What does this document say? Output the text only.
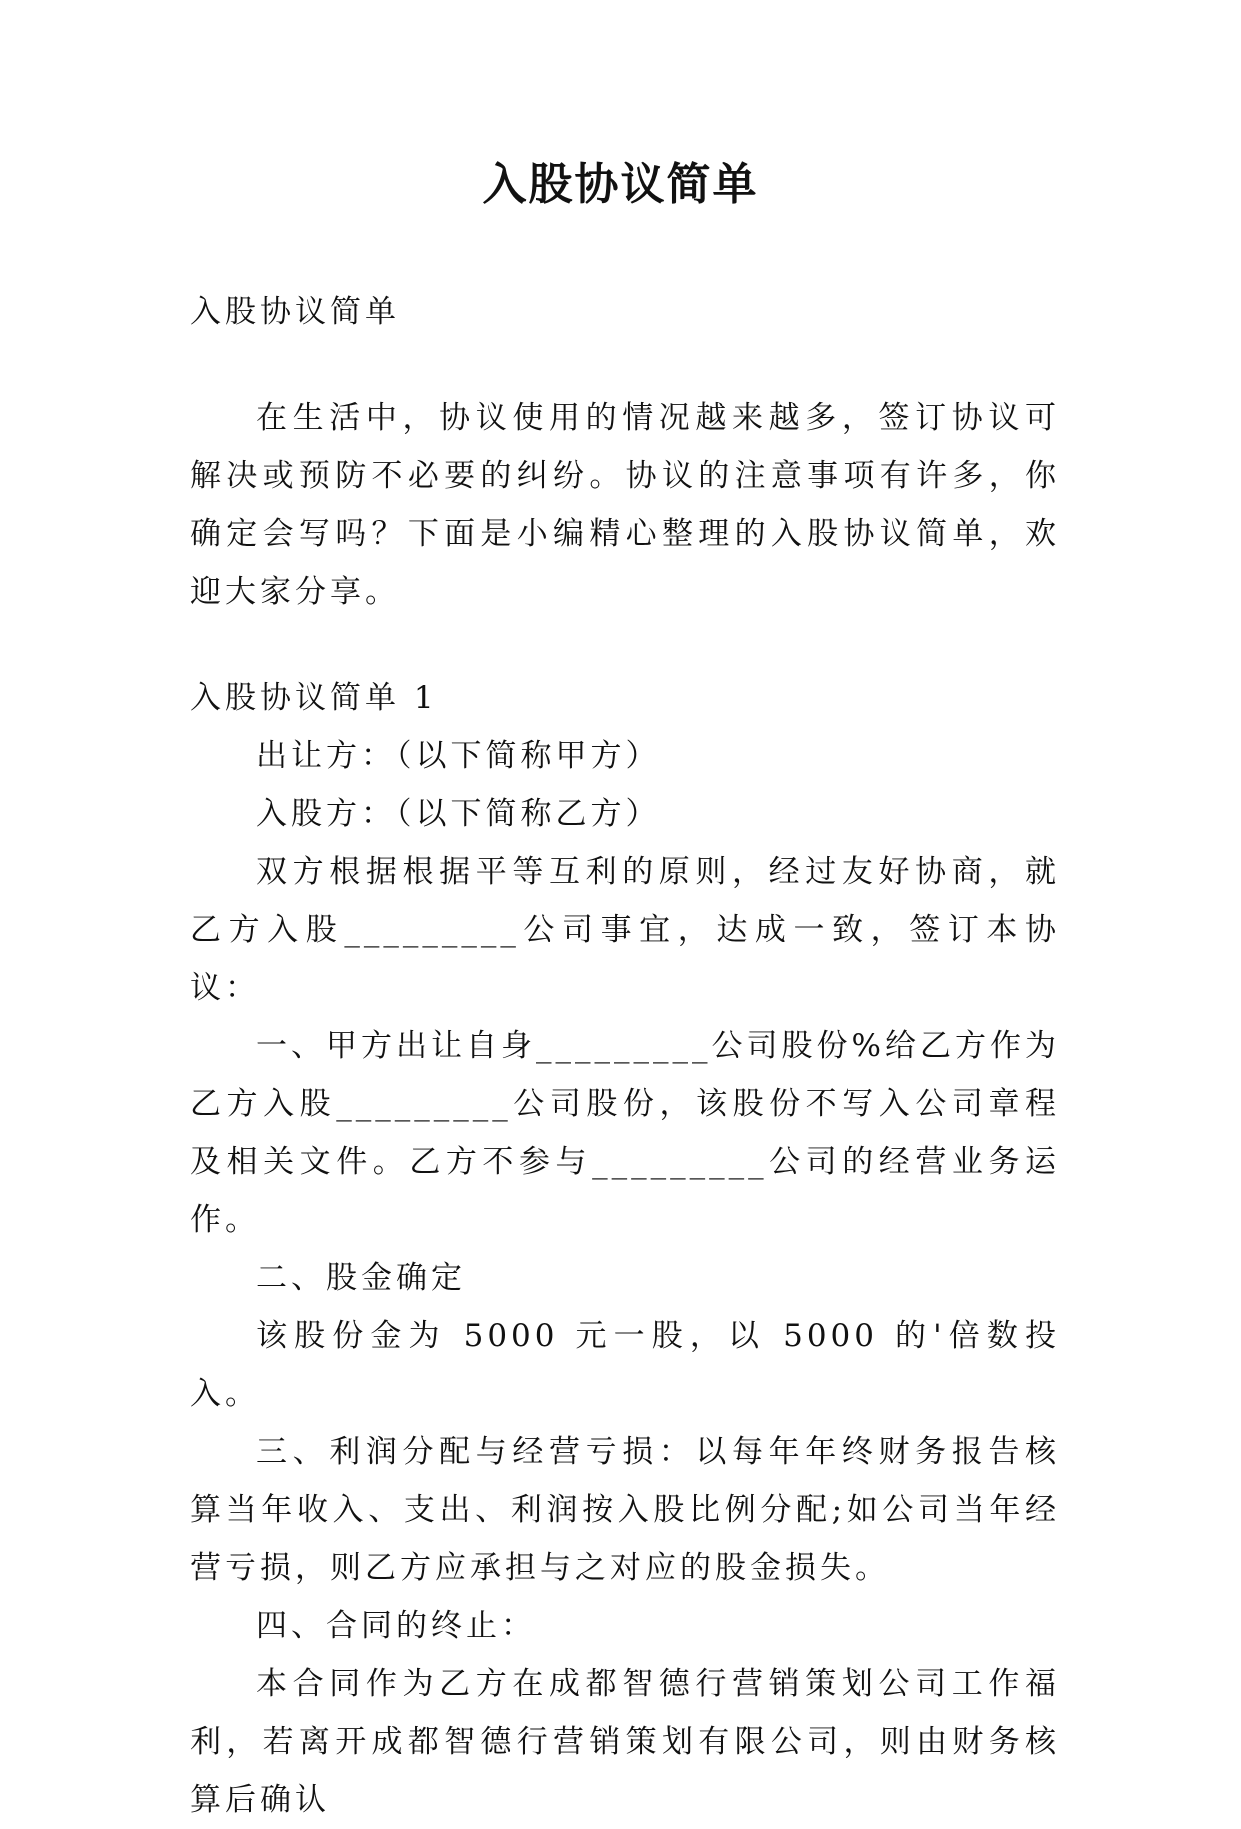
入股协议简单

入股协议简单

在生活中，协议使用的情况越来越多，签订协议可解决或预防不必要的纠纷。协议的注意事项有许多，你确定会写吗？下面是小编精心整理的入股协议简单，欢迎大家分享。

入股协议简单 1

出让方：（以下简称甲方）

入股方：（以下简称乙方）

双方根据根据平等互利的原则，经过友好协商，就乙方入股_________公司事宜，达成一致，签订本协议：

一、甲方出让自身_________公司股份%给乙方作为乙方入股_________公司股份，该股份不写入公司章程及相关文件。乙方不参与_________公司的经营业务运作。

二、股金确定

该股份金为 5000 元一股，以 5000 的'倍数投入。

三、利润分配与经营亏损：以每年年终财务报告核算当年收入、支出、利润按入股比例分配;如公司当年经营亏损，则乙方应承担与之对应的股金损失。

四、合同的终止：

本合同作为乙方在成都智德行营销策划公司工作福利，若离开成都智德行营销策划有限公司，则由财务核算后确认
